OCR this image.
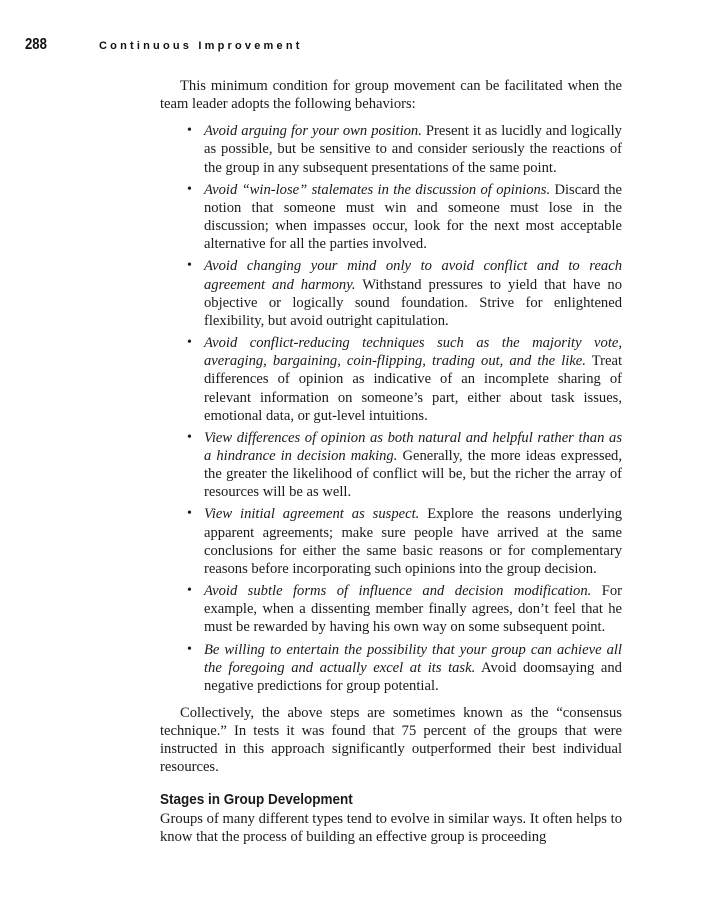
288	Continuous Improvement

This minimum condition for group movement can be facilitated when the team leader adopts the following behaviors:

• Avoid arguing for your own position. Present it as lucidly and logically as possible, but be sensitive to and consider seriously the reactions of the group in any subsequent presentations of the same point.
• Avoid “win-lose” stalemates in the discussion of opinions. Discard the notion that someone must win and someone must lose in the discussion; when impasses occur, look for the next most acceptable alternative for all the parties involved.
• Avoid changing your mind only to avoid conflict and to reach agreement and harmony. Withstand pressures to yield that have no objective or logically sound foundation. Strive for enlightened flexibility, but avoid outright capitulation.
• Avoid conflict-reducing techniques such as the majority vote, averaging, bargaining, coin-flipping, trading out, and the like. Treat differences of opinion as indicative of an incomplete sharing of relevant information on someone’s part, either about task issues, emotional data, or gut-level intuitions.
• View differences of opinion as both natural and helpful rather than as a hindrance in decision making. Generally, the more ideas expressed, the greater the likelihood of conflict will be, but the richer the array of resources will be as well.
• View initial agreement as suspect. Explore the reasons underlying apparent agreements; make sure people have arrived at the same conclusions for either the same basic reasons or for complementary reasons before incorporating such opinions into the group decision.
• Avoid subtle forms of influence and decision modification. For example, when a dissenting member finally agrees, don’t feel that he must be rewarded by having his own way on some subsequent point.
• Be willing to entertain the possibility that your group can achieve all the foregoing and actually excel at its task. Avoid doomsaying and negative predictions for group potential.

Collectively, the above steps are sometimes known as the “consensus technique.” In tests it was found that 75 percent of the groups that were instructed in this approach significantly outperformed their best individual resources.

Stages in Group Development

Groups of many different types tend to evolve in similar ways. It often helps to know that the process of building an effective group is proceeding
